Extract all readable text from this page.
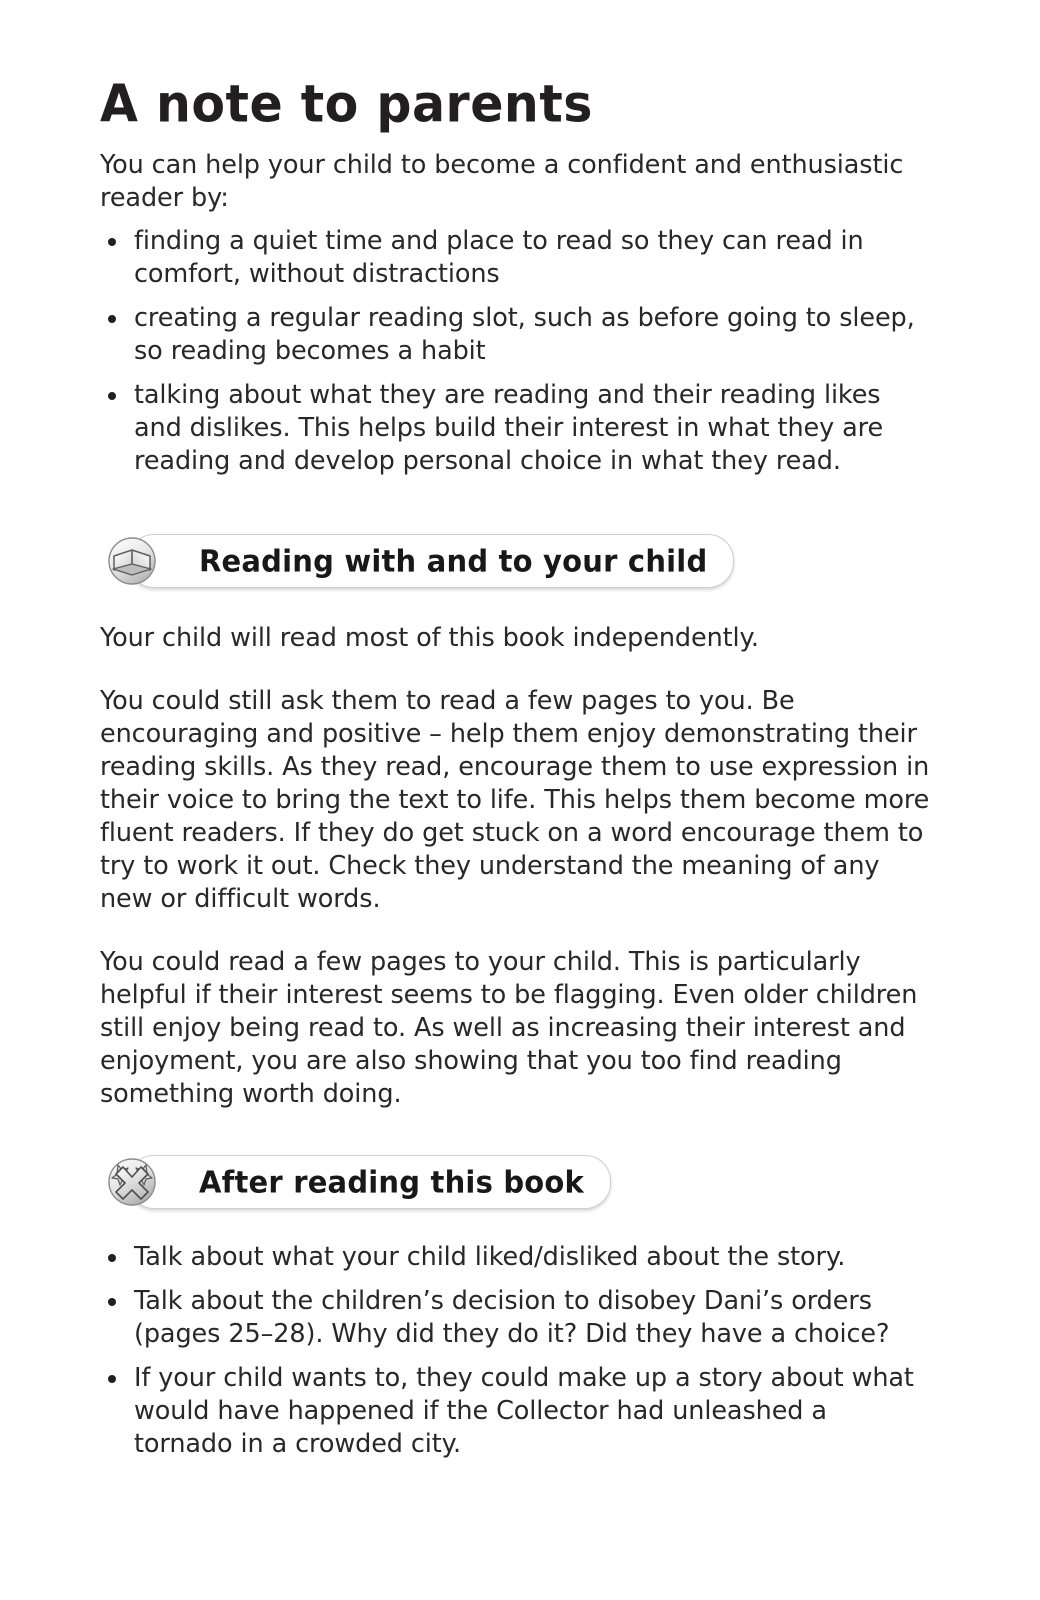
A note to parents

You can help your child to become a confident and enthusiastic reader by:

finding a quiet time and place to read so they can read in comfort, without distractions
creating a regular reading slot, such as before going to sleep, so reading becomes a habit
talking about what they are reading and their reading likes and dislikes. This helps build their interest in what they are reading and develop personal choice in what they read.
Reading with and to your child

Your child will read most of this book independently.

You could still ask them to read a few pages to you. Be encouraging and positive – help them enjoy demonstrating their reading skills. As they read, encourage them to use expression in their voice to bring the text to life. This helps them become more fluent readers. If they do get stuck on a word encourage them to try to work it out. Check they understand the meaning of any new or difficult words.

You could read a few pages to your child. This is particularly helpful if their interest seems to be flagging. Even older children still enjoy being read to. As well as increasing their interest and enjoyment, you are also showing that you too find reading something worth doing.

After reading this book
Talk about what your child liked/disliked about the story.
Talk about the children’s decision to disobey Dani’s orders (pages 25–28). Why did they do it? Did they have a choice?
If your child wants to, they could make up a story about what would have happened if the Collector had unleashed a tornado in a crowded city.
